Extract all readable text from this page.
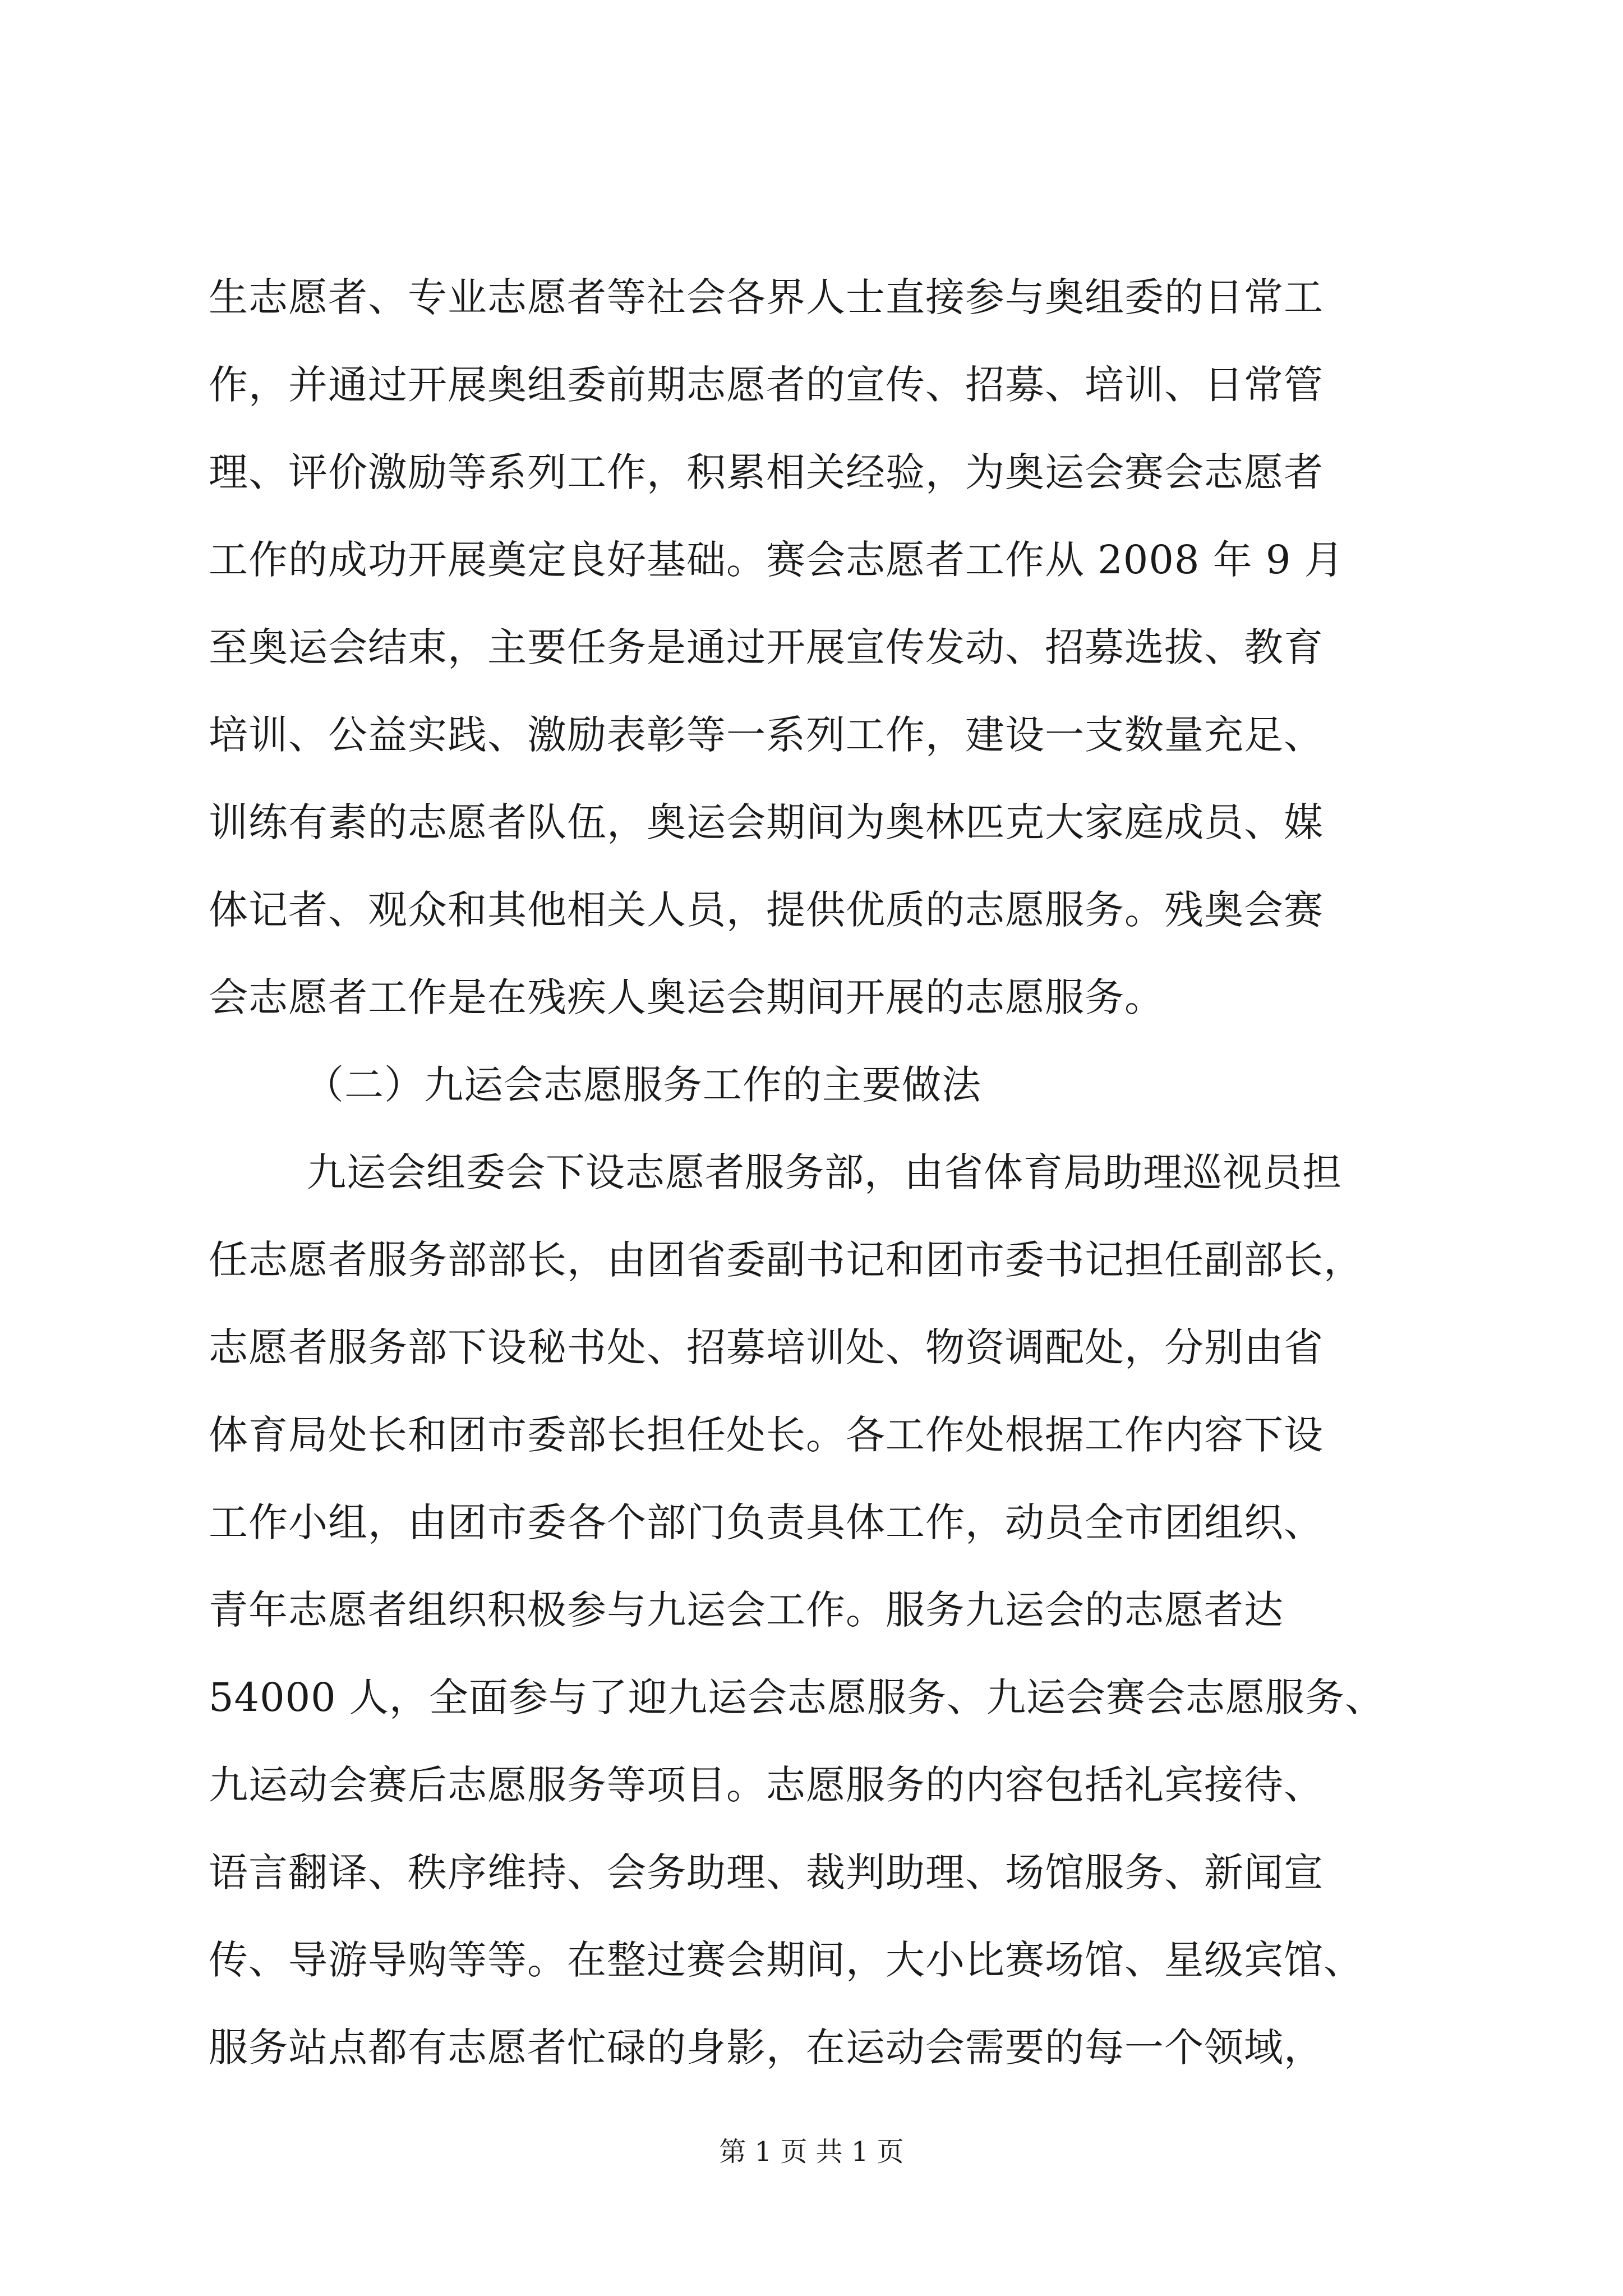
生志愿者、专业志愿者等社会各界人士直接参与奥组委的日常工
作，并通过开展奥组委前期志愿者的宣传、招募、培训、日常管
理、评价激励等系列工作，积累相关经验，为奥运会赛会志愿者
工作的成功开展奠定良好基础。赛会志愿者工作从 2008 年 9 月
至奥运会结束，主要任务是通过开展宣传发动、招募选拔、教育
培训、公益实践、激励表彰等一系列工作，建设一支数量充足、
训练有素的志愿者队伍，奥运会期间为奥林匹克大家庭成员、媒
体记者、观众和其他相关人员，提供优质的志愿服务。残奥会赛
会志愿者工作是在残疾人奥运会期间开展的志愿服务。
（二）九运会志愿服务工作的主要做法
九运会组委会下设志愿者服务部，由省体育局助理巡视员担
任志愿者服务部部长，由团省委副书记和团市委书记担任副部长，
志愿者服务部下设秘书处、招募培训处、物资调配处，分别由省
体育局处长和团市委部长担任处长。各工作处根据工作内容下设
工作小组，由团市委各个部门负责具体工作，动员全市团组织、
青年志愿者组织积极参与九运会工作。服务九运会的志愿者达
54000 人，全面参与了迎九运会志愿服务、九运会赛会志愿服务、
九运动会赛后志愿服务等项目。志愿服务的内容包括礼宾接待、
语言翻译、秩序维持、会务助理、裁判助理、场馆服务、新闻宣
传、导游导购等等。在整过赛会期间，大小比赛场馆、星级宾馆、
服务站点都有志愿者忙碌的身影，在运动会需要的每一个领域，
第 1 页 共 1 页
